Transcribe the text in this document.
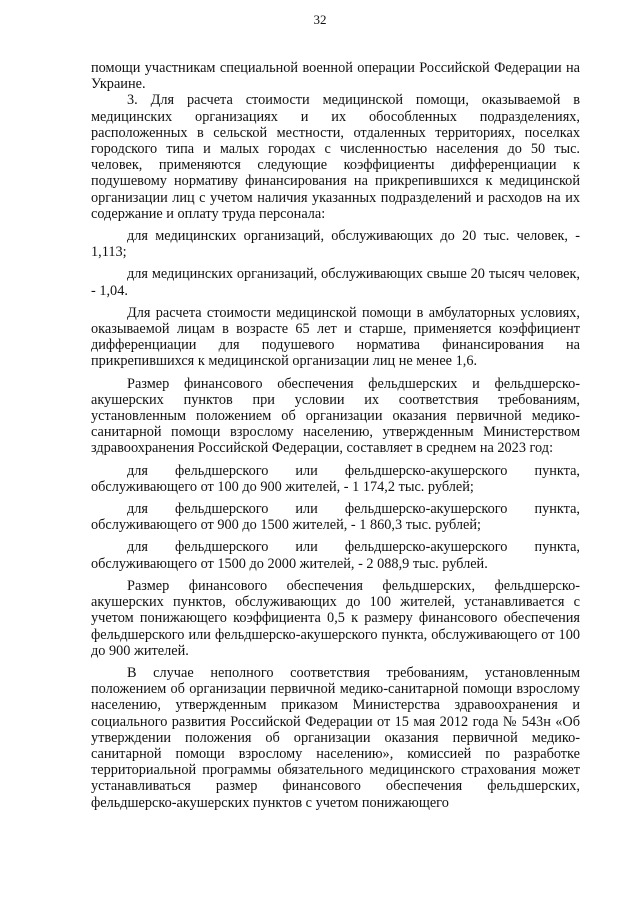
32

помощи участникам специальной военной операции Российской Федерации на Украине.

3. Для расчета стоимости медицинской помощи, оказываемой в медицинских организациях и их обособленных подразделениях, расположенных в сельской местности, отдаленных территориях, поселках городского типа и малых городах с численностью населения до 50 тыс. человек, применяются следующие коэффициенты дифференциации к подушевому нормативу финансирования на прикрепившихся к медицинской организации лиц с учетом наличия указанных подразделений и расходов на их содержание и оплату труда персонала:

для медицинских организаций, обслуживающих до 20 тыс. человек, - 1,113;

для медицинских организаций, обслуживающих свыше 20 тысяч человек, - 1,04.

Для расчета стоимости медицинской помощи в амбулаторных условиях, оказываемой лицам в возрасте 65 лет и старше, применяется коэффициент дифференциации для подушевого норматива финансирования на прикрепившихся к медицинской организации лиц не менее 1,6.

Размер финансового обеспечения фельдшерских и фельдшерско-акушерских пунктов при условии их соответствия требованиям, установленным положением об организации оказания первичной медико-санитарной помощи взрослому населению, утвержденным Министерством здравоохранения Российской Федерации, составляет в среднем на 2023 год:

для фельдшерского или фельдшерско-акушерского пункта, обслуживающего от 100 до 900 жителей, - 1 174,2 тыс. рублей;

для фельдшерского или фельдшерско-акушерского пункта, обслуживающего от 900 до 1500 жителей, - 1 860,3 тыс. рублей;

для фельдшерского или фельдшерско-акушерского пункта, обслуживающего от 1500 до 2000 жителей, - 2 088,9 тыс. рублей.

Размер финансового обеспечения фельдшерских, фельдшерско-акушерских пунктов, обслуживающих до 100 жителей, устанавливается с учетом понижающего коэффициента 0,5 к размеру финансового обеспечения фельдшерского или фельдшерско-акушерского пункта, обслуживающего от 100 до 900 жителей.

В случае неполного соответствия требованиям, установленным положением об организации первичной медико-санитарной помощи взрослому населению, утвержденным приказом Министерства здравоохранения и социального развития Российской Федерации от 15 мая 2012 года № 543н «Об утверждении положения об организации оказания первичной медико-санитарной помощи взрослому населению», комиссией по разработке территориальной программы обязательного медицинского страхования может устанавливаться размер финансового обеспечения фельдшерских, фельдшерско-акушерских пунктов с учетом понижающего
